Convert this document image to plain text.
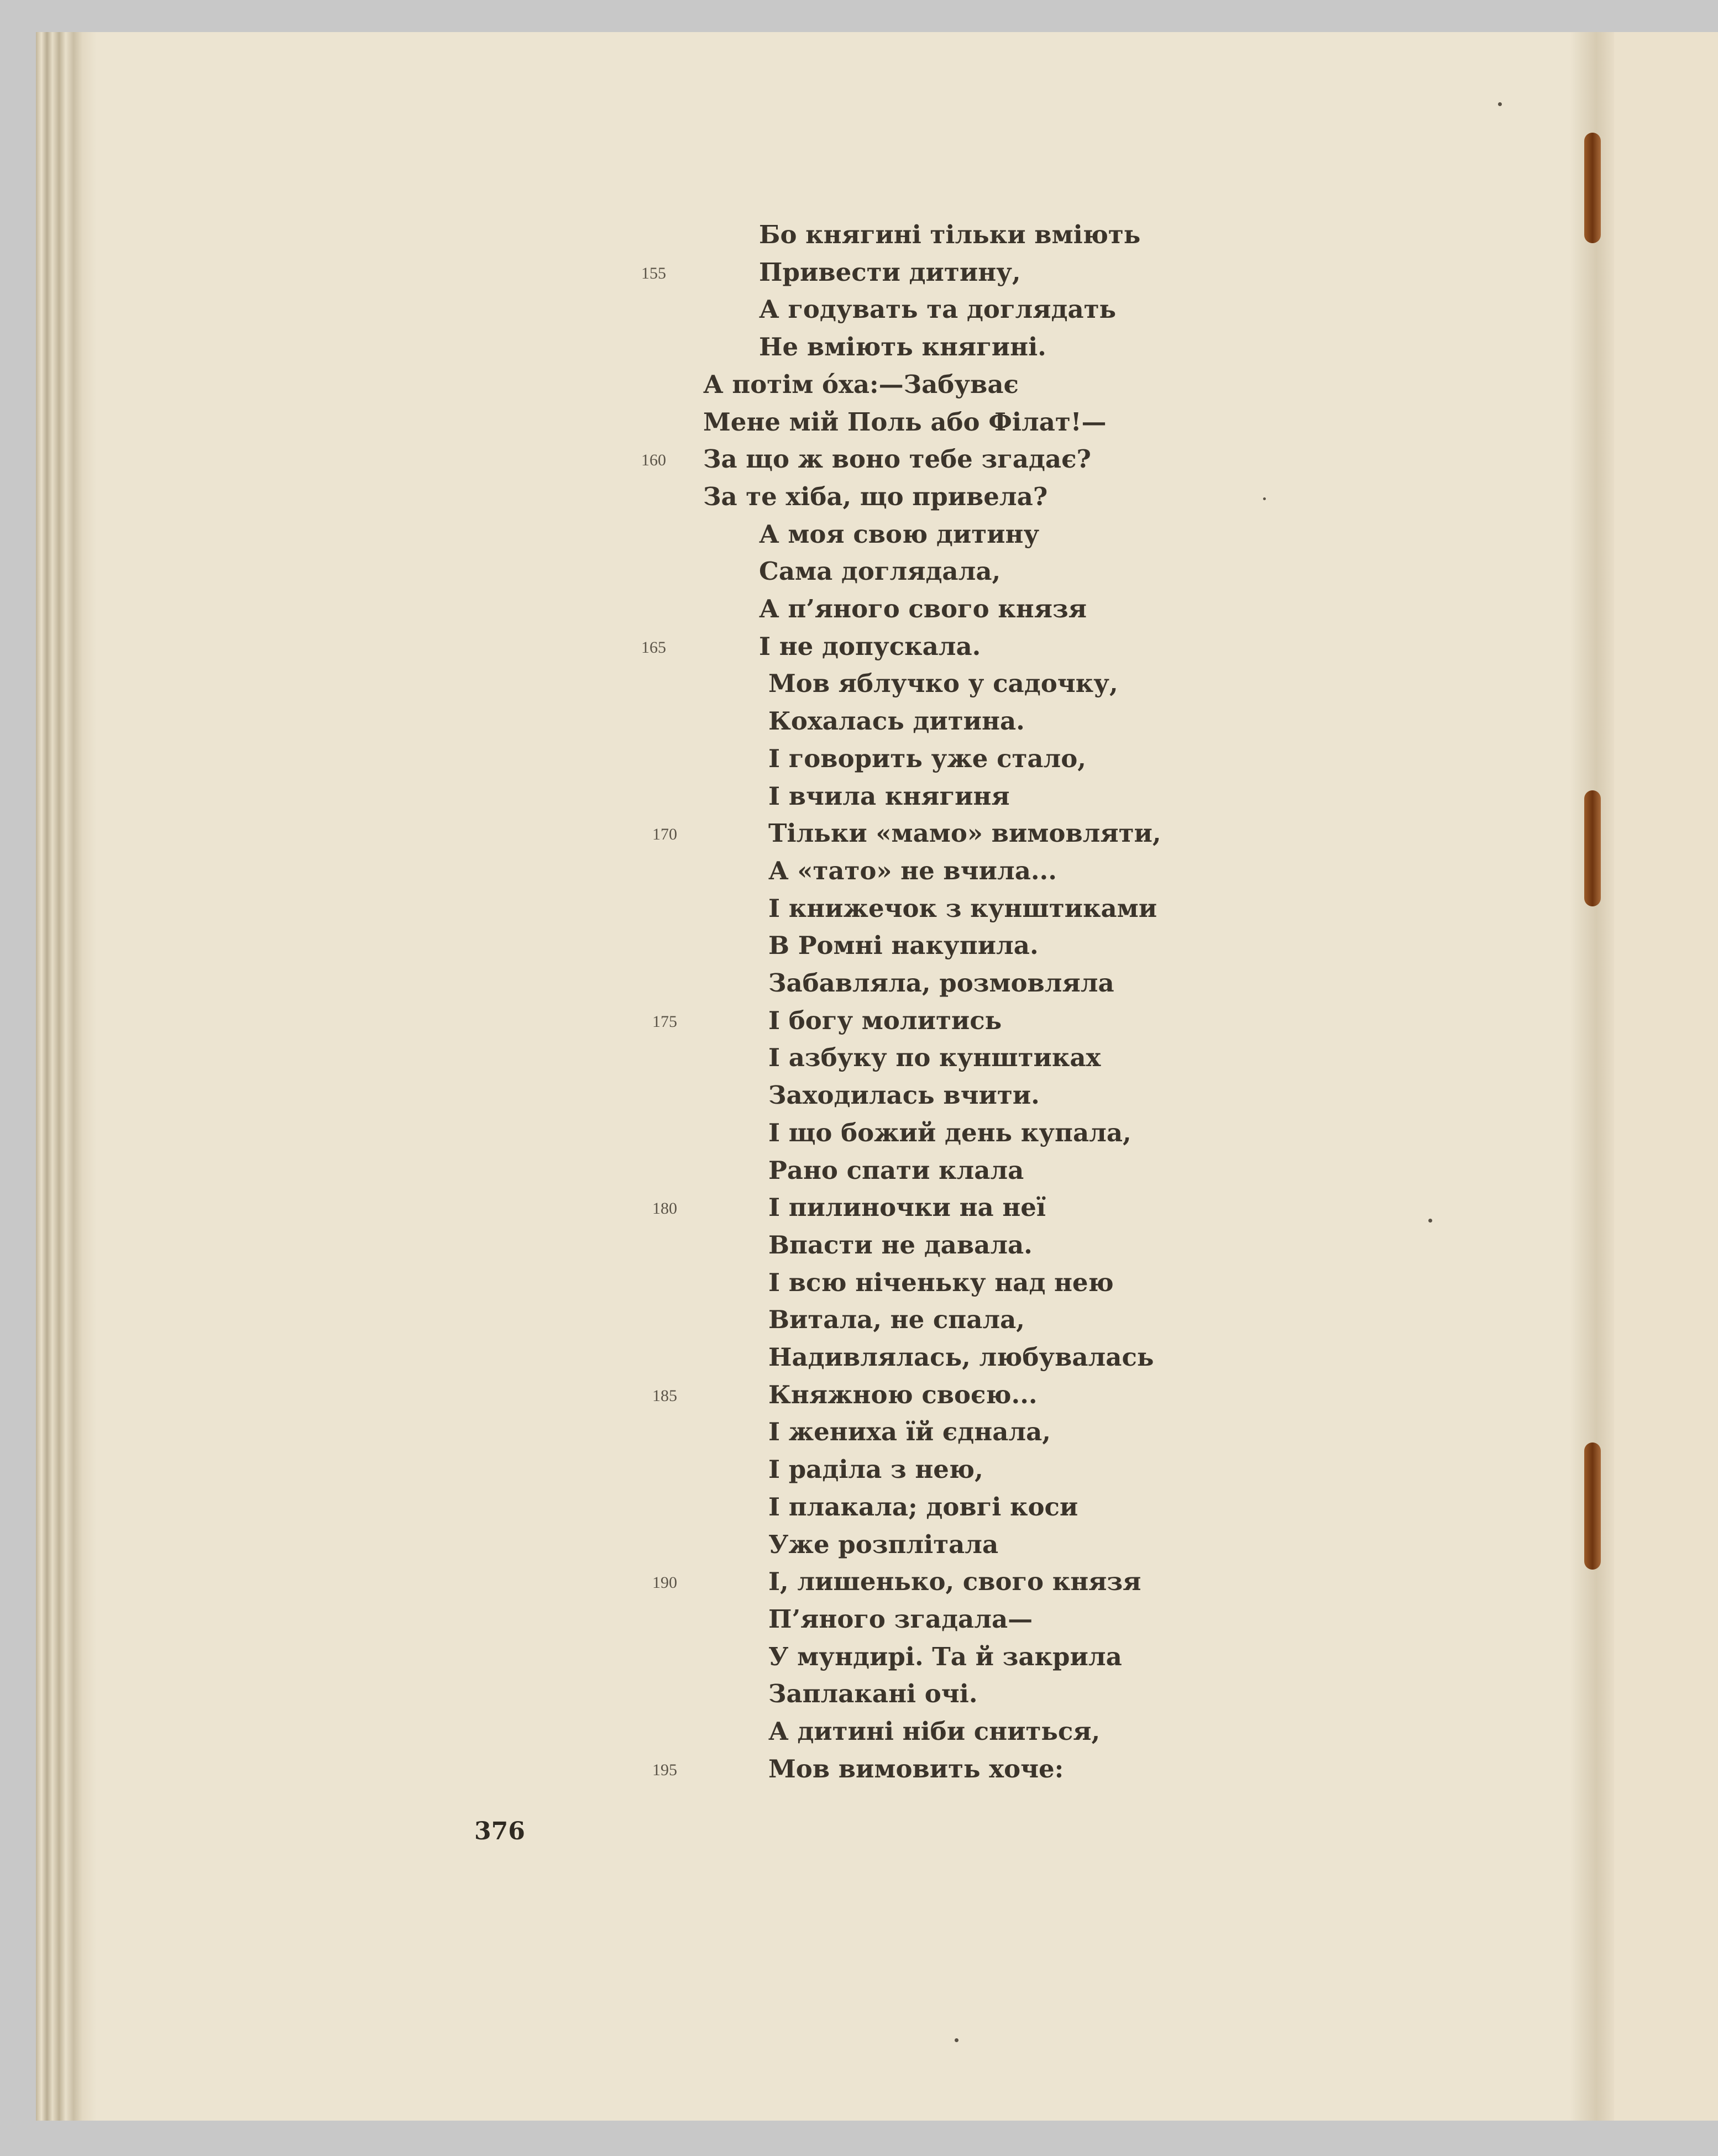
Бо княгині тільки вміють
Привести дитину,
155
А годувать та доглядать
Не вміють княгині.
А потім óха:—Забуває
Мене мій Поль або Філат!—
За що ж воно тебе згадає?
160
За те хіба, що привела?
А моя свою дитину
Сама доглядала,
А п’яного свого князя
І не допускала.
165
Мов яблучко у садочку,
Кохалась дитина.
І говорить уже стало,
І вчила княгиня
Тільки «мамо» вимовляти,
170
А «тато» не вчила...
І книжечок з кунштиками
В Ромні накупила.
Забавляла, розмовляла
І богу молитись
175
І азбуку по кунштиках
Заходилась вчити.
І що божий день купала,
Рано спати клала
І пилиночки на неї
180
Впасти не давала.
І всю ніченьку над нею
Витала, не спала,
Надивлялась, любувалась
Княжною своєю...
185
І жениха їй єднала,
І раділа з нею,
І плакала; довгі коси
Уже розплітала
І, лишенько, свого князя
190
П’яного згадала—
У мундирі. Та й закрила
Заплакані очі.
А дитині ніби сниться,
Мов вимовить хоче:
195
376
